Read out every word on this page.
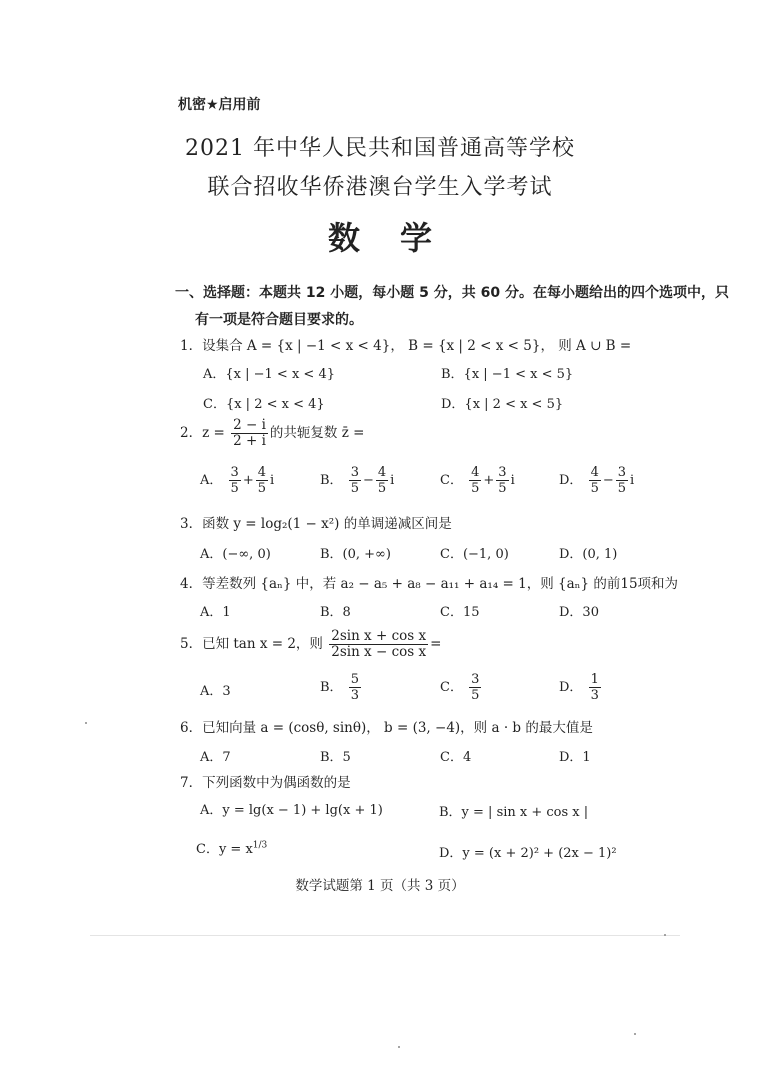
机密★启用前
2021 年中华人民共和国普通高等学校
联合招收华侨港澳台学生入学考试
数学
一、选择题：本题共 12 小题，每小题 5 分，共 60 分。在每小题给出的四个选项中，只
有一项是符合题目要求的。
1．设集合 A = {x | −1 < x < 4}， B = {x | 2 < x < 5}， 则 A ∪ B =
A．{x | −1 < x < 4}	B．{x | −1 < x < 5}
C．{x | 2 < x < 4}	D．{x | 2 < x < 5}
2．$z = \frac{2 - i}{2 + i}$ 的共轭复数 z̄ =
A． $\frac{3}{5} + \frac{4}{5}$ i	B． $\frac{3}{5} - \frac{4}{5}$ i	C． $\frac{4}{5} + \frac{3}{5}$ i	D． $\frac{4}{5} - \frac{3}{5}$ i
3．函数 y = log₂(1 − x²) 的单调递减区间是
A．(−∞, 0)	B．(0, +∞)	C．(−1, 0)	D．(0, 1)
4．等差数列 {aₙ} 中，若 a₂ − a₅ + a₈ − a₁₁ + a₁₄ = 1，则 {aₙ} 的前15项和为
A．1	B．8	C．15	D．30
5．已知 tan x = 2，则 $\frac{\text{2sin x + cos x}}{\text{2sin x − cos x}}$ =
A．3	B． $\frac{5}{3}$	C． $\frac{3}{5}$	D． $\frac{1}{3}$
6．已知向量 a = (cosθ, sinθ)， b = (3, −4)，则 a · b 的最大值是
A．7	B．5	C．4	D．1
7．下列函数中为偶函数的是
A．y = lg(x − 1) + lg(x + 1)	B．y = | sin x + cos x |
C．$y = x^{1/3}$
D．y = (x + 2)² + (2x − 1)²
数学试题第 1 页（共 3 页）
